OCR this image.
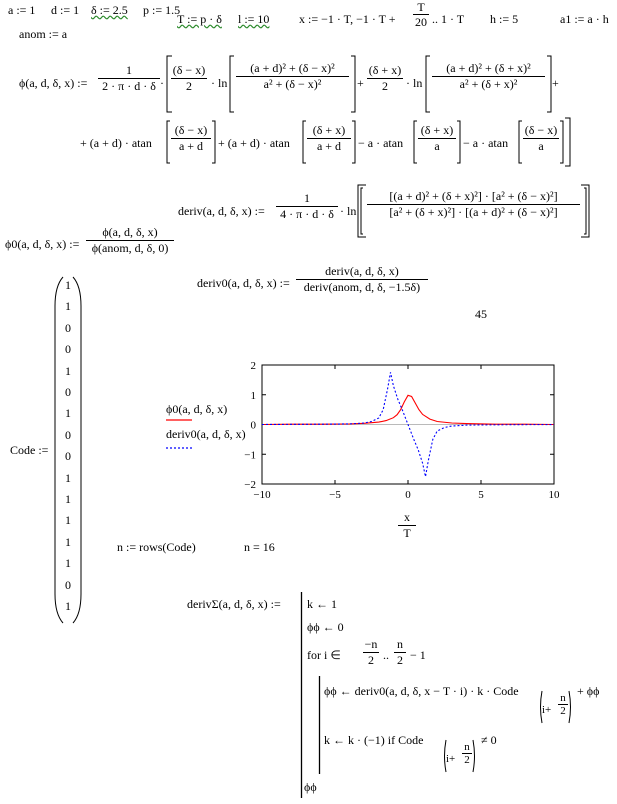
a := 1 d := 1 δ := 2.5 p := 1.5
T := p · δ l := 10 x := −1 · T, $-1 \cdot T + \frac{T}{20}$ .. 1 · T h := 5	a1 := a · h
anom := a
ϕ(a, d, δ, x) := $\frac{1}{2 \cdot \pi \cdot d \cdot \delta} \cdot \frac{(\delta - x)}{2} \cdot \ln \frac{\text{(a + d)² + (δ − x)²}}{\text{a² + (δ − x)²}} + \frac{(\delta + x)}{2} \cdot \ln \frac{\text{(a + d)² + (δ + x)²}}{\text{a² + (δ + x)²}}$ +
+ (a + d) · atan $\frac{(\delta - x)}{a + d} + (a + d) \cdot atan \frac{(\delta + x)}{a + d} - a \cdot atan \frac{(\delta + x)}{a} - a \cdot atan \frac{(\delta - x)}{a}$
deriv(a, d, δ, x) := $\frac{1}{4 \cdot \pi \cdot d \cdot \delta} \cdot \ln \frac{\text{[(a + d)² + (δ + x)²] · [a² + (δ − x)²]}}{\text{[a² + (δ + x)²] · [(a + d)² + (δ − x)²]}}$
ϕ0(a, d, δ, x) :=
ϕ(a, d, δ, x)
ϕ(anom, d, δ, 0)
deriv0(a, d, δ, x) :=
deriv(a, d, δ, x)
deriv(anom, d, δ, −1.5δ)
45
Code :=
1
1
0
0
1
0
1
0
0
1
1
1
1
1
0
1
ϕ0(a, d, δ, x)
deriv0(a, d, δ, x)
2
1
0
−1
−2
−10	−5	0	5	10
$\frac{x}{T}$
n := rows(Code)	n = 16
derivΣ(a, d, δ, x) := k ← 1
ϕϕ ← 0
for i ∈ $\frac{-n}{2}$ .. $\frac{n}{2} - 1$
ϕϕ ← deriv0(a, d, δ, x − T · i) · k · Code
$i+ \frac{n}{2}$
+ ϕϕ
k ← k · (−1) if Code
$i+ \frac{n}{2}$
≠ 0
ϕϕ
